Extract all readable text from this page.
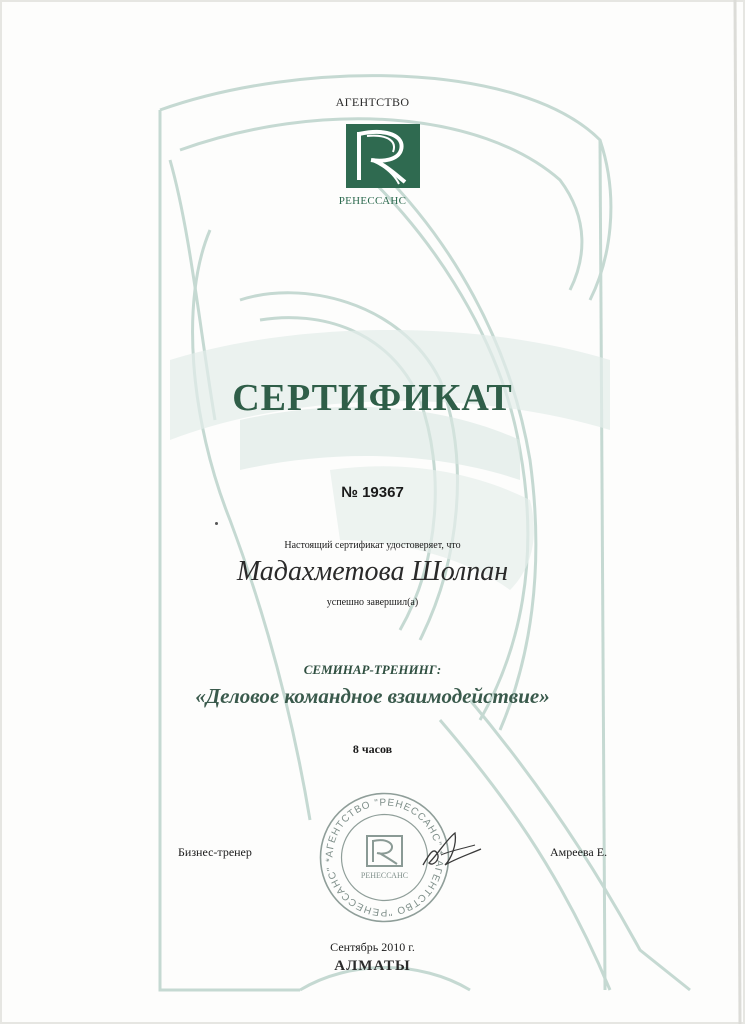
АГЕНТСТВО
РЕНЕССАНС
СЕРТИФИКАТ
№ 19367
Настоящий сертификат удостоверяет, что
Мадахметова Шолпан
успешно завершил(а)
СЕМИНАР-ТРЕНИНГ:
«Деловое командное взаимодействие»
8 часов
Бизнес-тренер	Амреева Е.
АГЕНТСТВО "РЕНЕССАНС" * АГЕНТСТВО "РЕНЕССАНС" *
РЕНЕССАНС
Сентябрь 2010 г.
АЛМАТЫ
